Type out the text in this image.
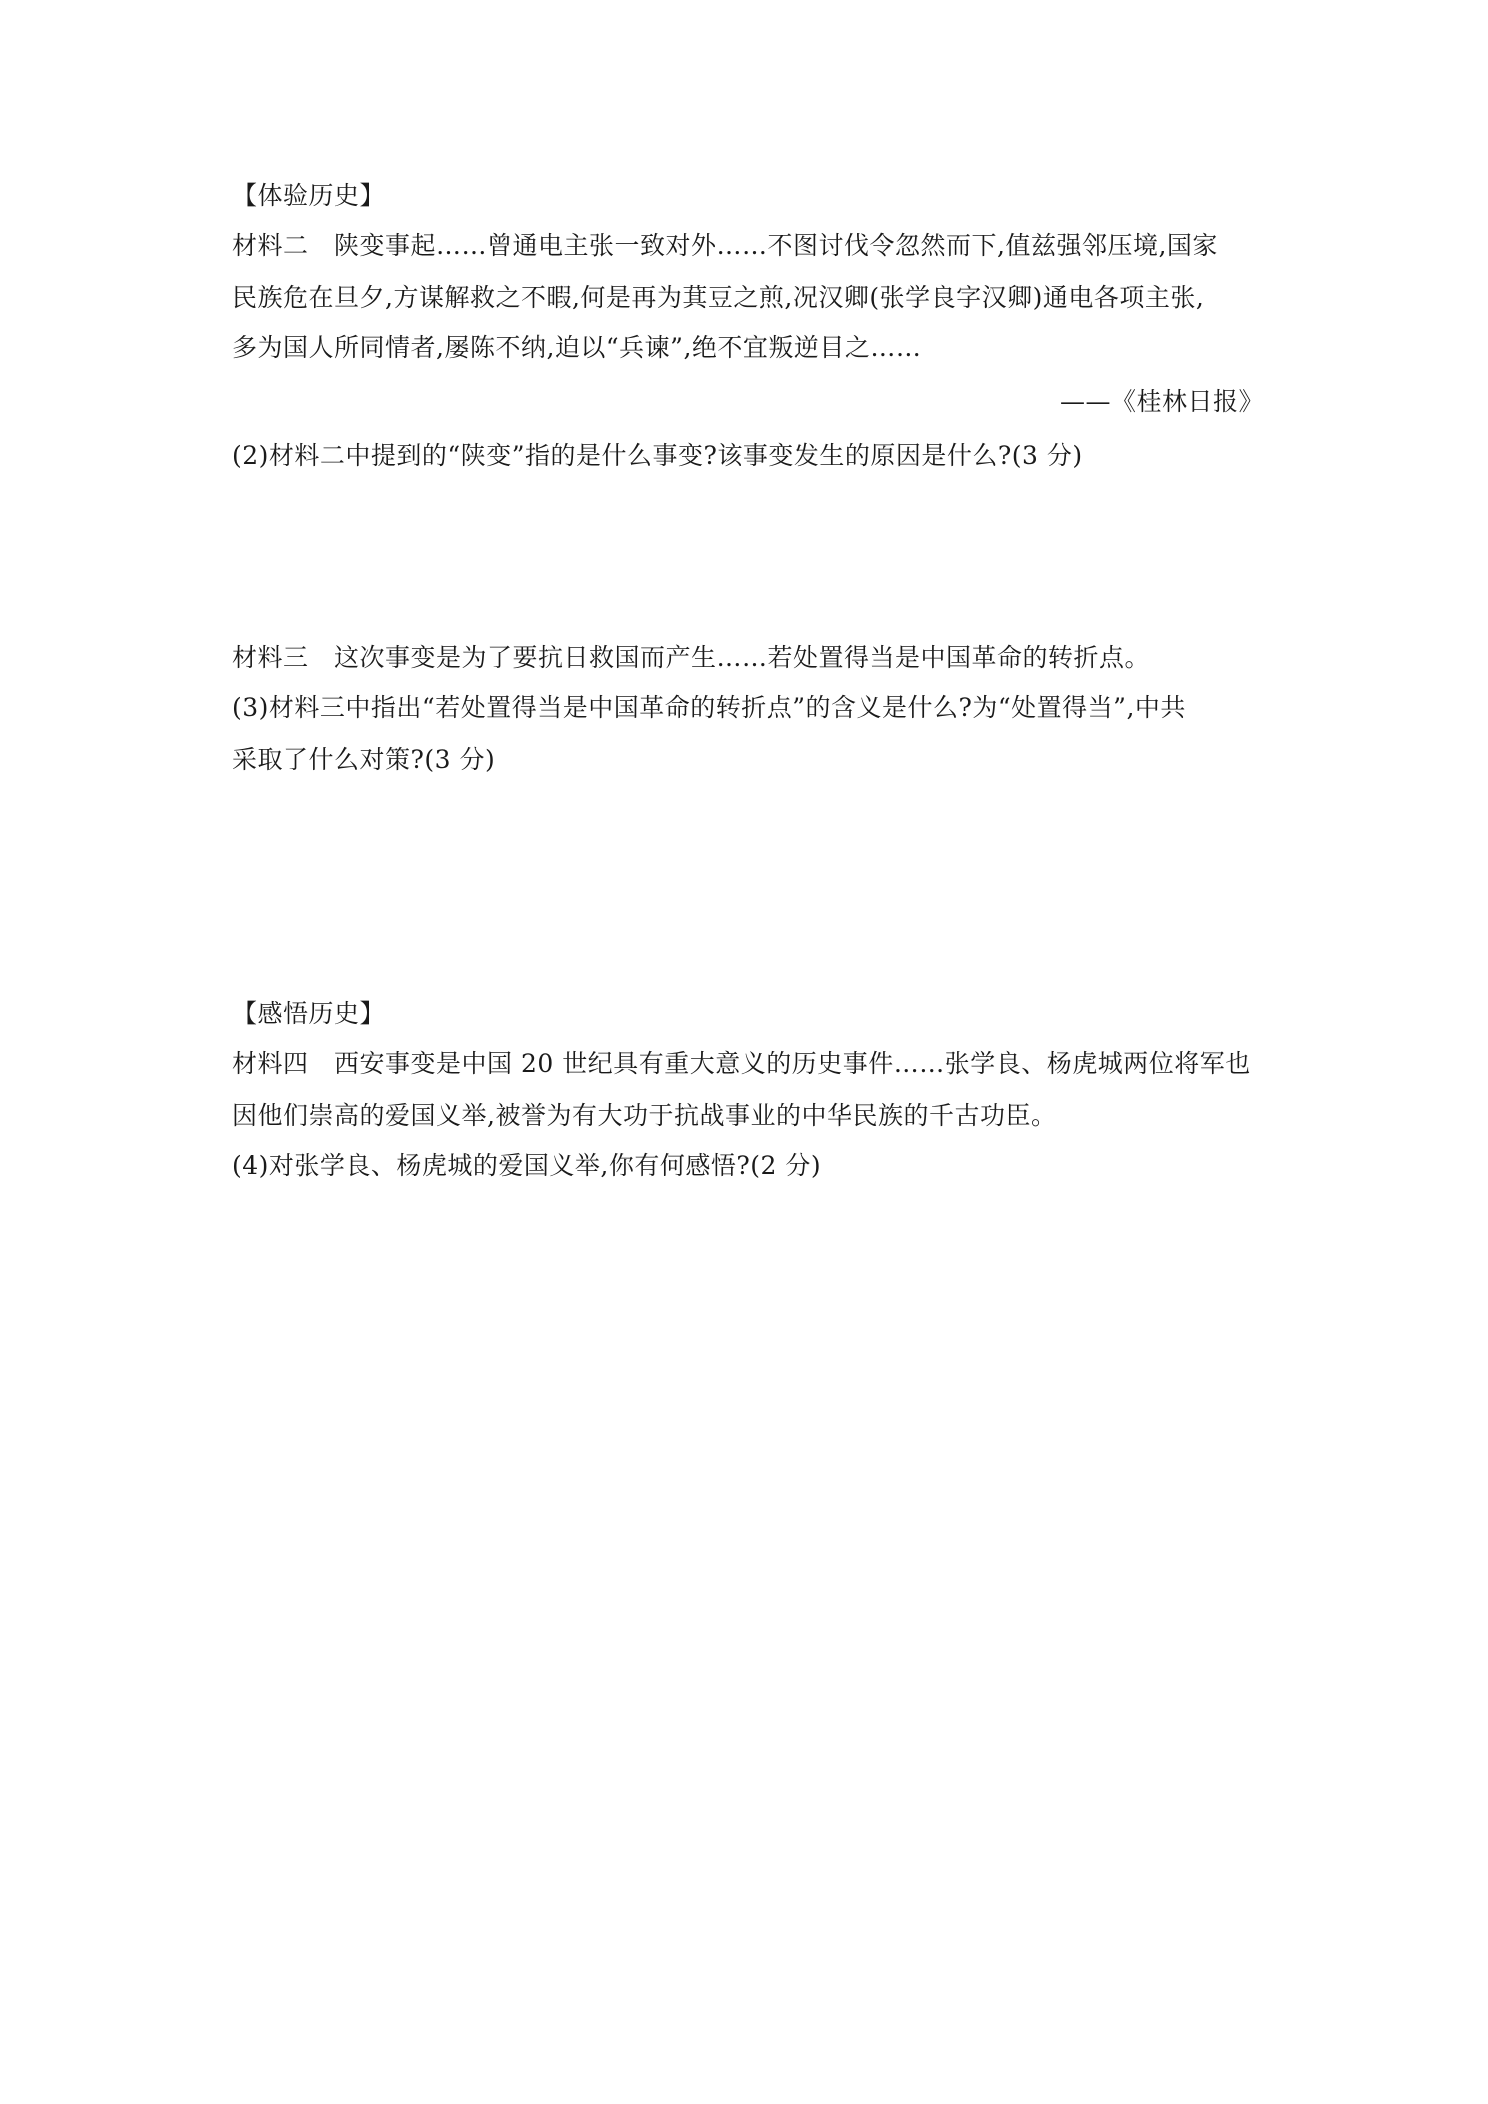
【体验历史】
材料二　陕变事起……曾通电主张一致对外……不图讨伐令忽然而下,值兹强邻压境,国家
民族危在旦夕,方谋解救之不暇,何是再为萁豆之煎,况汉卿(张学良字汉卿)通电各项主张,
多为国人所同情者,屡陈不纳,迫以“兵谏”,绝不宜叛逆目之……
——《桂林日报》
(2)材料二中提到的“陕变”指的是什么事变?该事变发生的原因是什么?(3 分)
材料三　这次事变是为了要抗日救国而产生……若处置得当是中国革命的转折点。
(3)材料三中指出“若处置得当是中国革命的转折点”的含义是什么?为“处置得当”,中共
采取了什么对策?(3 分)
【感悟历史】
材料四　西安事变是中国 20 世纪具有重大意义的历史事件……张学良、杨虎城两位将军也
因他们崇高的爱国义举,被誉为有大功于抗战事业的中华民族的千古功臣。
(4)对张学良、杨虎城的爱国义举,你有何感悟?(2 分)
